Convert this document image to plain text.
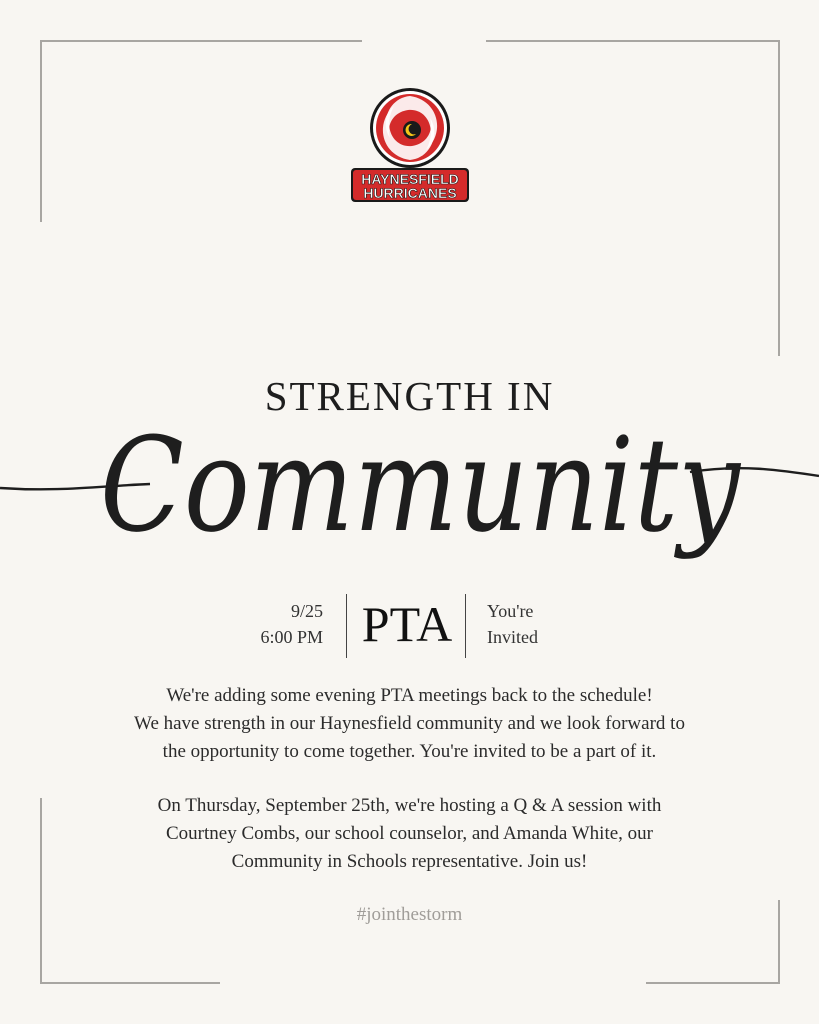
HAYNESFIELD
HURRICANES
STRENGTH IN
Community
9/25
6:00 PM PTA	You're
Invited
We're adding some evening PTA meetings back to the schedule!
We have strength in our Haynesfield community and we look forward to
the opportunity to come together. You're invited to be a part of it.
On Thursday, September 25th, we're hosting a Q & A session with
Courtney Combs, our school counselor, and Amanda White, our
Community in Schools representative. Join us!
#jointhestorm
